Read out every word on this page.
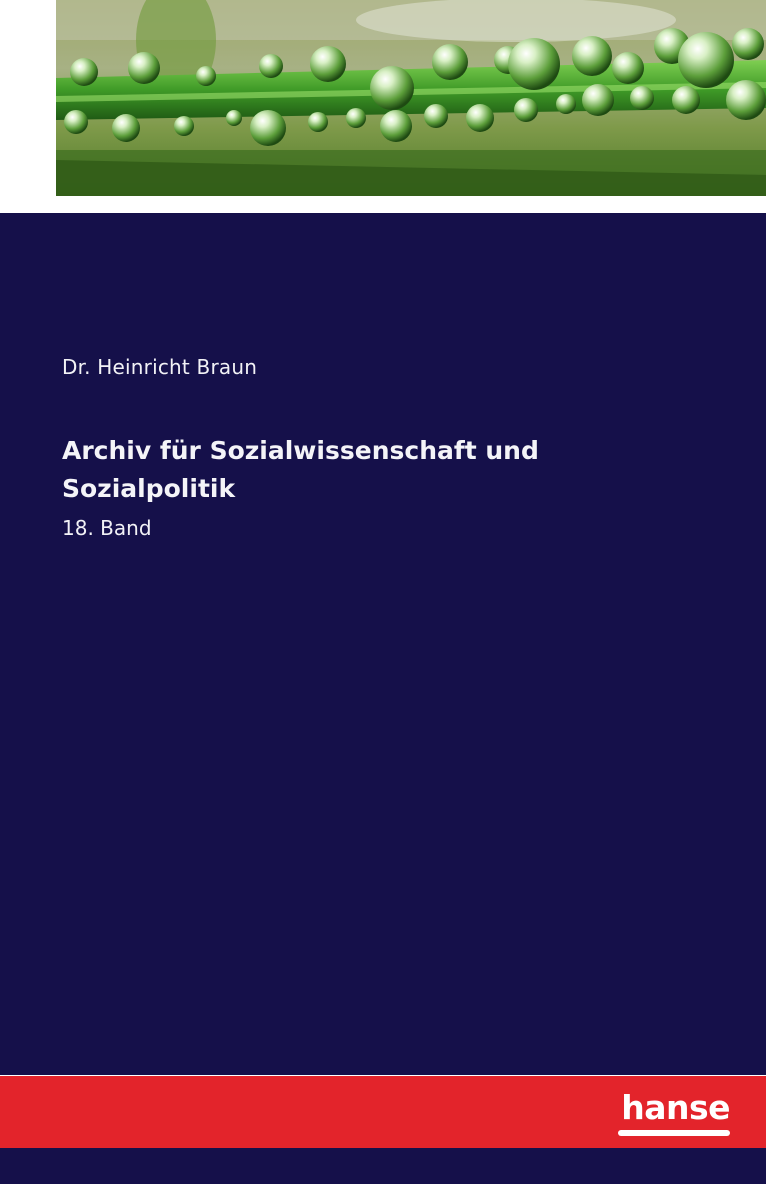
Dr. Heinricht Braun
Archiv für Sozialwissenschaft und Sozialpolitik
18. Band
hanse
